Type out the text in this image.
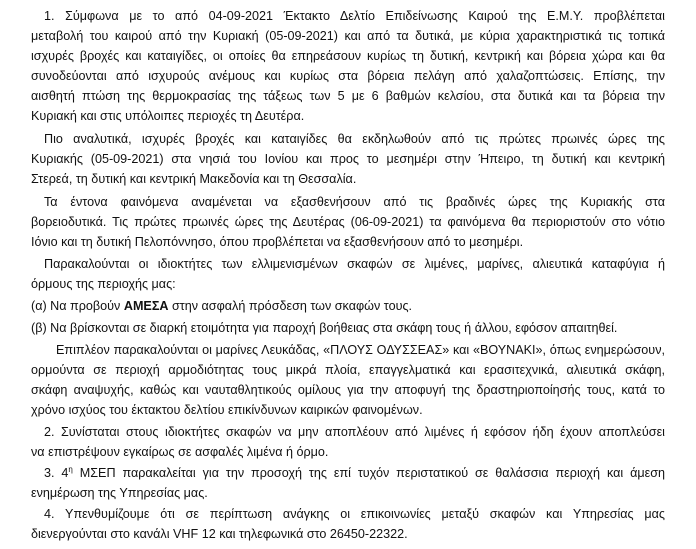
1. Σύμφωνα με το από 04-09-2021 Έκτακτο Δελτίο Επιδείνωσης Καιρού της Ε.Μ.Υ. προβλέπεται
μεταβολή του καιρού από την Κυριακή (05-09-2021) και από τα δυτικά, με κύρια χαρακτηριστικά τις τοπικά
ισχυρές βροχές και καταιγίδες, οι οποίες θα επηρεάσουν κυρίως τη δυτική, κεντρική και βόρεια χώρα και θα
συνοδεύονται από ισχυρούς ανέμους και κυρίως στα βόρεια πελάγη από χαλαζοπτώσεις. Επίσης, την
αισθητή πτώση της θερμοκρασίας της τάξεως των 5 με 6 βαθμών κελσίου, στα δυτικά και τα βόρεια την
Κυριακή και στις υπόλοιπες περιοχές τη Δευτέρα.
Πιο αναλυτικά, ισχυρές βροχές και καταιγίδες θα εκδηλωθούν από τις πρώτες πρωινές ώρες της
Κυριακής (05-09-2021) στα νησιά του Ιονίου και προς το μεσημέρι στην Ήπειρο, τη δυτική και κεντρική
Στερεά, τη δυτική και κεντρική Μακεδονία και τη Θεσσαλία.
Τα έντονα φαινόμενα αναμένεται να εξασθενήσουν από τις βραδινές ώρες της Κυριακής στα
βορειοδυτικά. Τις πρώτες πρωινές ώρες της Δευτέρας (06-09-2021) τα φαινόμενα θα περιοριστούν στο νότιο
Ιόνιο και τη δυτική Πελοπόννησο, όπου προβλέπεται να εξασθενήσουν από το μεσημέρι.
Παρακαλούνται οι ιδιοκτήτες των ελλιμενισμένων σκαφών σε λιμένες, μαρίνες, αλιευτικά καταφύγια ή
όρμους της περιοχής μας:
(α) Να προβούν ΑΜΕΣΑ στην ασφαλή πρόσδεση των σκαφών τους.
(β) Να βρίσκονται σε διαρκή ετοιμότητα για παροχή βοήθειας στα σκάφη τους ή άλλου, εφόσον απαιτηθεί.
Επιπλέον παρακαλούνται οι μαρίνες Λευκάδας, «ΠΛΟΥΣ ΟΔΥΣΣΕΑΣ» και «ΒΟΥΝΑΚΙ», όπως ενημερώσουν,
ορμούντα σε περιοχή αρμοδιότητας τους μικρά πλοία, επαγγελματικά και ερασιτεχνικά, αλιευτικά σκάφη,
σκάφη αναψυχής, καθώς και ναυταθλητικούς ομίλους για την αποφυγή της δραστηριοποίησής τους, κατά το
χρόνο ισχύος του έκτακτου δελτίου επικίνδυνων καιρικών φαινομένων.
2. Συνίσταται στους ιδιοκτήτες σκαφών να μην αποπλέουν από λιμένες ή εφόσον ήδη έχουν αποπλεύσει
να επιστρέψουν εγκαίρως σε ασφαλές λιμένα ή όρμο.
3. $4^\eta$ ΜΣΕΠ παρακαλείται για την προσοχή της επί τυχόν περιστατικού σε θαλάσσια περιοχή και άμεση
ενημέρωση της Υπηρεσίας μας.
4. Υπενθυμίζουμε ότι σε περίπτωση ανάγκης οι επικοινωνίες μεταξύ σκαφών και Υπηρεσίας μας
διενεργούνται στο κανάλι VHF 12 και τηλεφωνικά στο 26450-22322.
